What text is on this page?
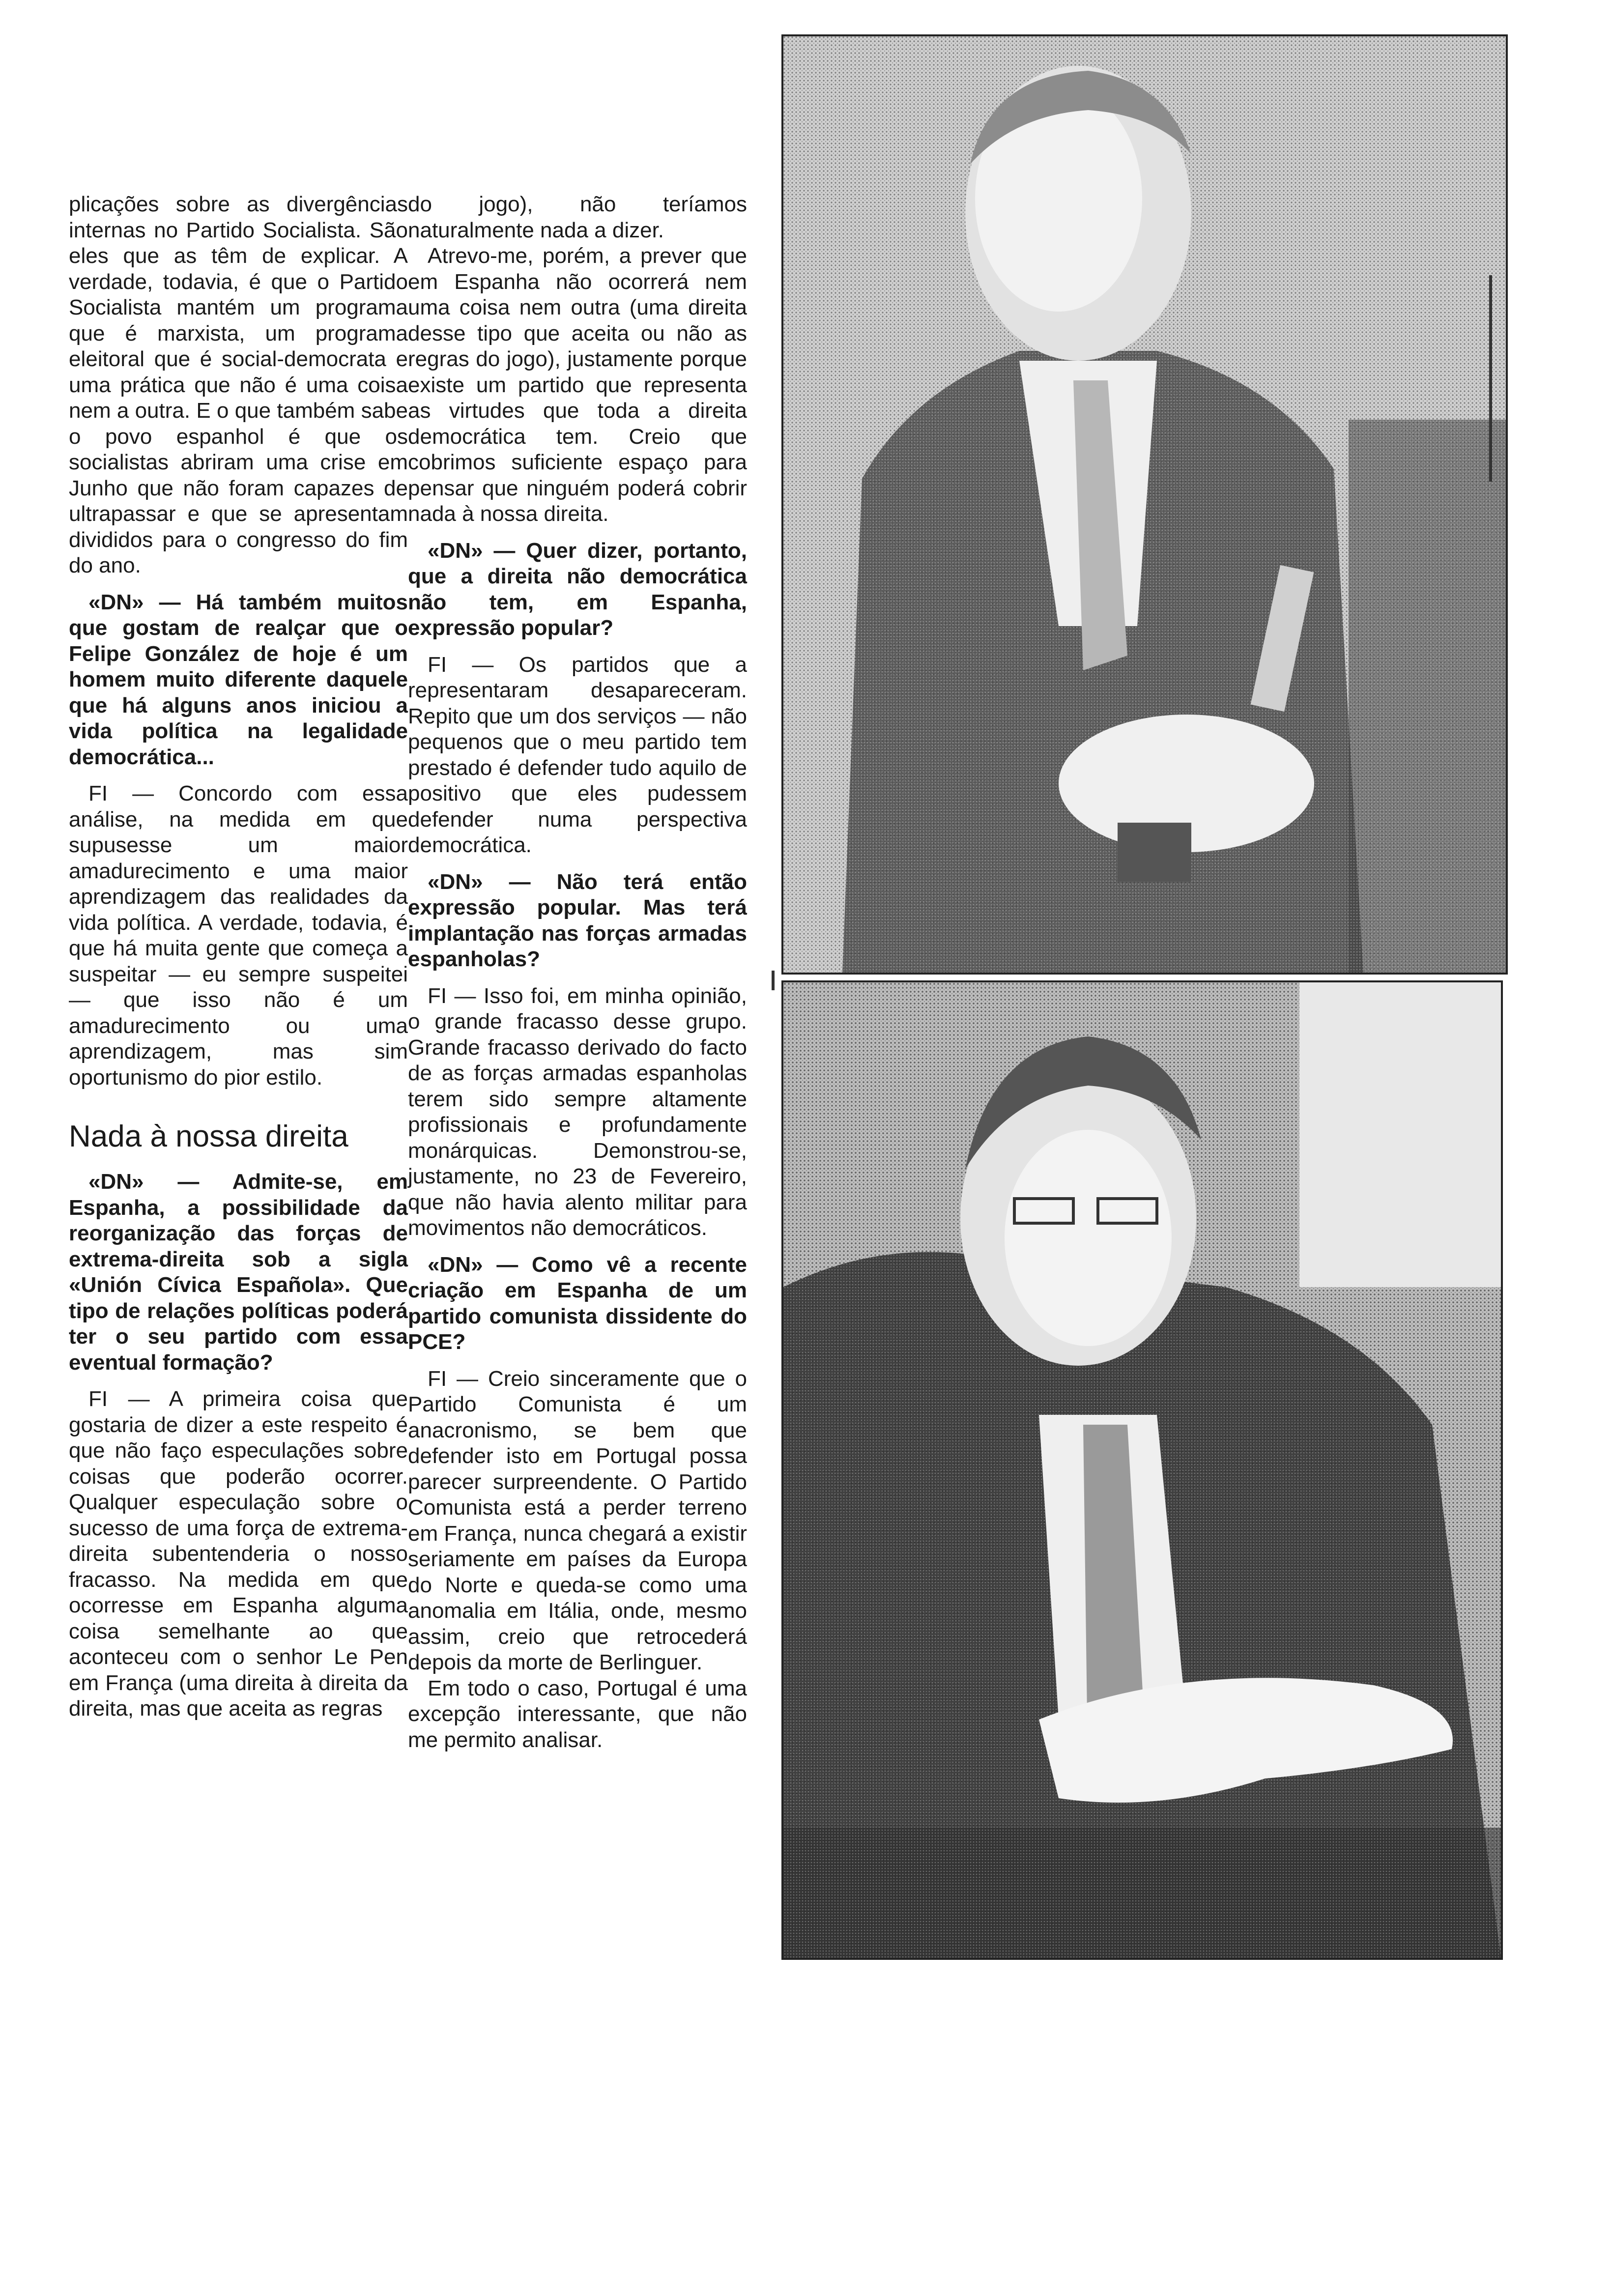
plicações sobre as divergências internas no Partido Socialista. São eles que as têm de explicar. A verdade, todavia, é que o Partido Socialista mantém um programa que é marxista, um programa eleitoral que é social-democrata e uma prática que não é uma coisa nem a outra. E o que também sabe o povo espanhol é que os socialistas abriram uma crise em Junho que não foram capazes de ultrapassar e que se apresentam divididos para o congresso do fim do ano.

«DN» — Há também muitos que gostam de realçar que o Felipe González de hoje é um homem muito diferente daquele que há alguns anos iniciou a vida política na legalidade democrática...

FI — Concordo com essa análise, na medida em que supusesse um maior amadurecimento e uma maior aprendizagem das realidades da vida política. A verdade, todavia, é que há muita gente que começa a suspeitar — eu sempre suspeitei — que isso não é um amadurecimento ou uma aprendizagem, mas sim oportunismo do pior estilo.

Nada à nossa direita

«DN» — Admite-se, em Espanha, a possibilidade da reorganização das forças de extrema-direita sob a sigla «Unión Cívica Española». Que tipo de relações políticas poderá ter o seu partido com essa eventual formação?

FI — A primeira coisa que gostaria de dizer a este respeito é que não faço especulações sobre coisas que poderão ocorrer. Qualquer especulação sobre o sucesso de uma força de extrema-direita subentenderia o nosso fracasso. Na medida em que ocorresse em Espanha alguma coisa semelhante ao que aconteceu com o senhor Le Pen em França (uma direita à direita da direita, mas que aceita as regras

do jogo), não teríamos naturalmente nada a dizer.

Atrevo-me, porém, a prever que em Espanha não ocorrerá nem uma coisa nem outra (uma direita desse tipo que aceita ou não as regras do jogo), justamente porque existe um partido que representa as virtudes que toda a direita democrática tem. Creio que cobrimos suficiente espaço para pensar que ninguém poderá cobrir nada à nossa direita.

«DN» — Quer dizer, portanto, que a direita não democrática não tem, em Espanha, expressão popular?

FI — Os partidos que a representaram desapareceram. Repito que um dos serviços — não pequenos que o meu partido tem prestado é defender tudo aquilo de positivo que eles pudessem defender numa perspectiva democrática.

«DN» — Não terá então expressão popular. Mas terá implantação nas forças armadas espanholas?

FI — Isso foi, em minha opinião, o grande fracasso desse grupo. Grande fracasso derivado do facto de as forças armadas espanholas terem sido sempre altamente profissionais e profundamente monárquicas. Demonstrou-se, justamente, no 23 de Fevereiro, que não havia alento militar para movimentos não democráticos.

«DN» — Como vê a recente criação em Espanha de um partido comunista dissidente do PCE?

FI — Creio sinceramente que o Partido Comunista é um anacronismo, se bem que defender isto em Portugal possa parecer surpreendente. O Partido Comunista está a perder terreno em França, nunca chegará a existir seriamente em países da Europa do Norte e queda-se como uma anomalia em Itália, onde, mesmo assim, creio que retrocederá depois da morte de Berlinguer.

Em todo o caso, Portugal é uma excepção interessante, que não me permito analisar.
